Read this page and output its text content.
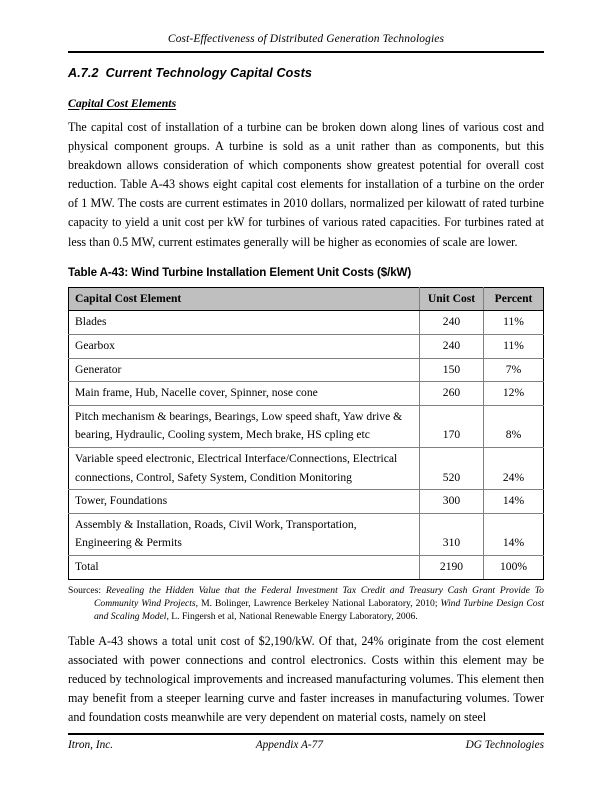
Cost-Effectiveness of Distributed Generation Technologies
A.7.2 Current Technology Capital Costs
Capital Cost Elements
The capital cost of installation of a turbine can be broken down along lines of various cost and physical component groups. A turbine is sold as a unit rather than as components, but this breakdown allows consideration of which components show greatest potential for overall cost reduction. Table A-43 shows eight capital cost elements for installation of a turbine on the order of 1 MW. The costs are current estimates in 2010 dollars, normalized per kilowatt of rated turbine capacity to yield a unit cost per kW for turbines of various rated capacities. For turbines rated at less than 0.5 MW, current estimates generally will be higher as economies of scale are lower.
Table A-43: Wind Turbine Installation Element Unit Costs ($/kW)
Capital Cost Element	Unit Cost	Percent
Blades	240	11%
Gearbox	240	11%
Generator	150	7%
Main frame, Hub, Nacelle cover, Spinner, nose cone	260	12%
Pitch mechanism & bearings, Bearings, Low speed shaft, Yaw drive & bearing, Hydraulic, Cooling system, Mech brake, HS cpling etc	170	8%
Variable speed electronic, Electrical Interface/Connections, Electrical connections, Control, Safety System, Condition Monitoring	520	24%
Tower, Foundations	300	14%
Assembly & Installation, Roads, Civil Work, Transportation, Engineering & Permits	310	14%
Total	2190	100%
Sources: Revealing the Hidden Value that the Federal Investment Tax Credit and Treasury Cash Grant Provide To Community Wind Projects, M. Bolinger, Lawrence Berkeley National Laboratory, 2010; Wind Turbine Design Cost and Scaling Model, L. Fingersh et al, National Renewable Energy Laboratory, 2006.
Table A-43 shows a total unit cost of $2,190/kW. Of that, 24% originate from the cost element associated with power connections and control electronics. Costs within this element may be reduced by technological improvements and increased manufacturing volumes. This element then may benefit from a steeper learning curve and faster increases in manufacturing volumes. Tower and foundation costs meanwhile are very dependent on material costs, namely on steel
Itron, Inc.	Appendix A-77	DG Technologies
